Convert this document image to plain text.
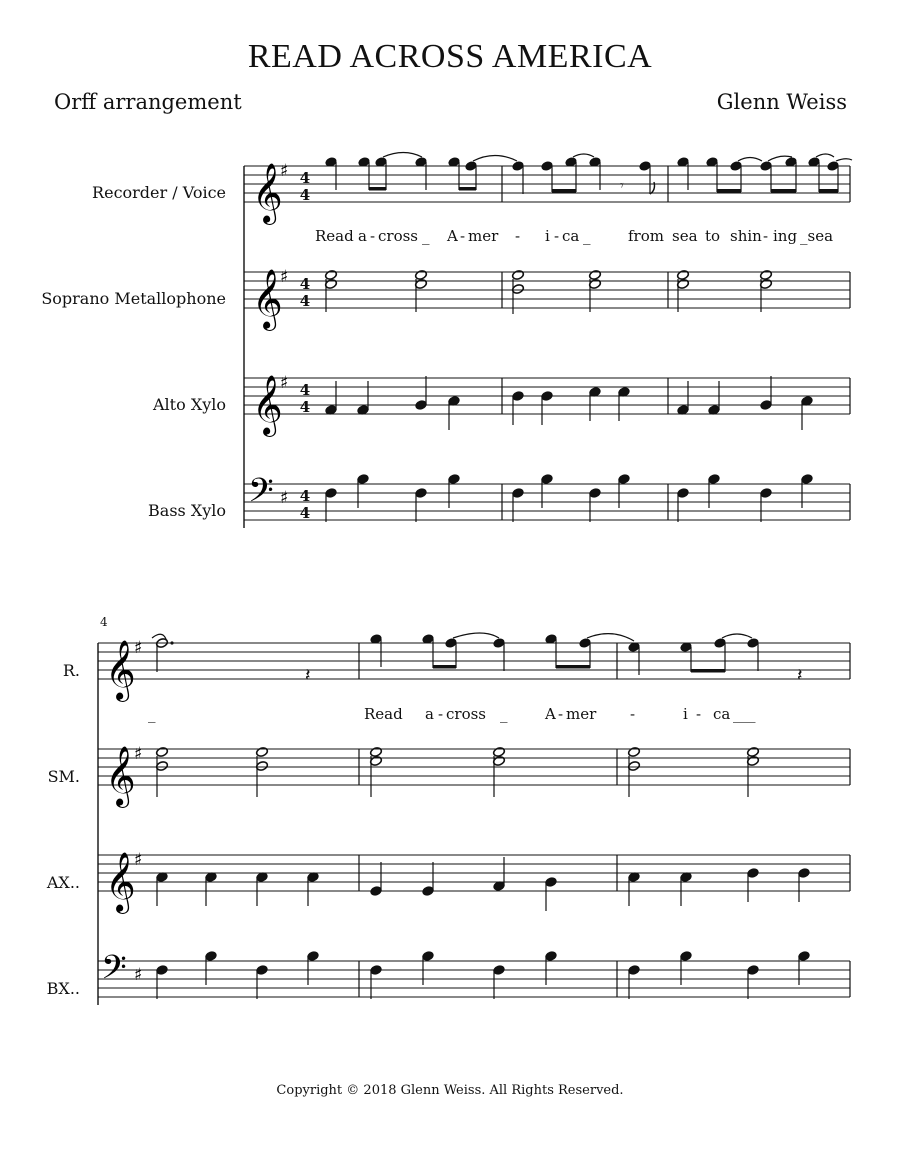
READ ACROSS AMERICA
Orff arrangement	Glenn Weiss
Recorder / Voice
Soprano Metallophone
Alto Xylo
Bass Xylo
𝄞
𝄞
𝄞
𝄢
♯
♯
♯
♯
4
4
4
4
4
4
4
4
𝄾
Read a - cross _ A - mer - i - ca _	from sea to shin - ing _sea
4
R.
SM.
AX..
BX..
𝄞
𝄞
𝄞
𝄢
♯
♯
♯
♯
𝄽	𝄽
_	Read a - cross _	A - mer -	i - ca ___
Copyright © 2018 Glenn Weiss. All Rights Reserved.
